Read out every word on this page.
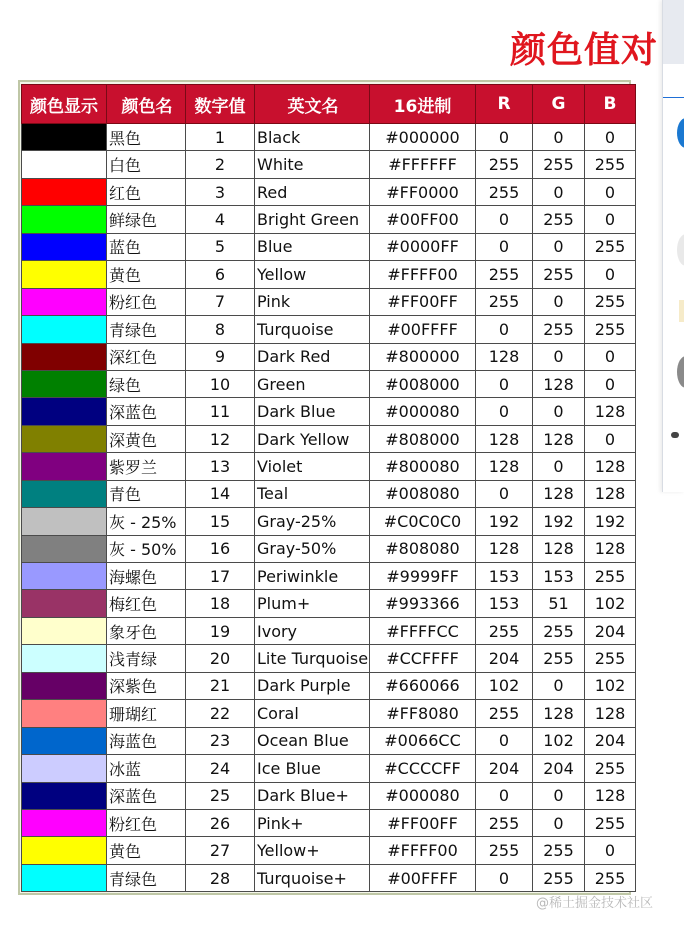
颜色值对
颜色显示	颜色名	数字值	英文名	16进制	R	G	B
	黑色	1	Black	#000000	0	0	0
	白色	2	White	#FFFFFF	255	255	255
	红色	3	Red	#FF0000	255	0	0
	鲜绿色	4	Bright Green	#00FF00	0	255	0
	蓝色	5	Blue	#0000FF	0	0	255
	黄色	6	Yellow	#FFFF00	255	255	0
	粉红色	7	Pink	#FF00FF	255	0	255
	青绿色	8	Turquoise	#00FFFF	0	255	255
	深红色	9	Dark Red	#800000	128	0	0
	绿色	10	Green	#008000	0	128	0
	深蓝色	11	Dark Blue	#000080	0	0	128
	深黄色	12	Dark Yellow	#808000	128	128	0
	紫罗兰	13	Violet	#800080	128	0	128
	青色	14	Teal	#008080	0	128	128
	灰 - 25%	15	Gray-25%	#C0C0C0	192	192	192
	灰 - 50%	16	Gray-50%	#808080	128	128	128
	海螺色	17	Periwinkle	#9999FF	153	153	255
	梅红色	18	Plum+	#993366	153	51	102
	象牙色	19	Ivory	#FFFFCC	255	255	204
	浅青绿	20	Lite Turquoise	#CCFFFF	204	255	255
	深紫色	21	Dark Purple	#660066	102	0	102
	珊瑚红	22	Coral	#FF8080	255	128	128
	海蓝色	23	Ocean Blue	#0066CC	0	102	204
	冰蓝	24	Ice Blue	#CCCCFF	204	204	255
	深蓝色	25	Dark Blue+	#000080	0	0	128
	粉红色	26	Pink+	#FF00FF	255	0	255
	黄色	27	Yellow+	#FFFF00	255	255	0
	青绿色	28	Turquoise+	#00FFFF	0	255	255
@稀土掘金技术社区
